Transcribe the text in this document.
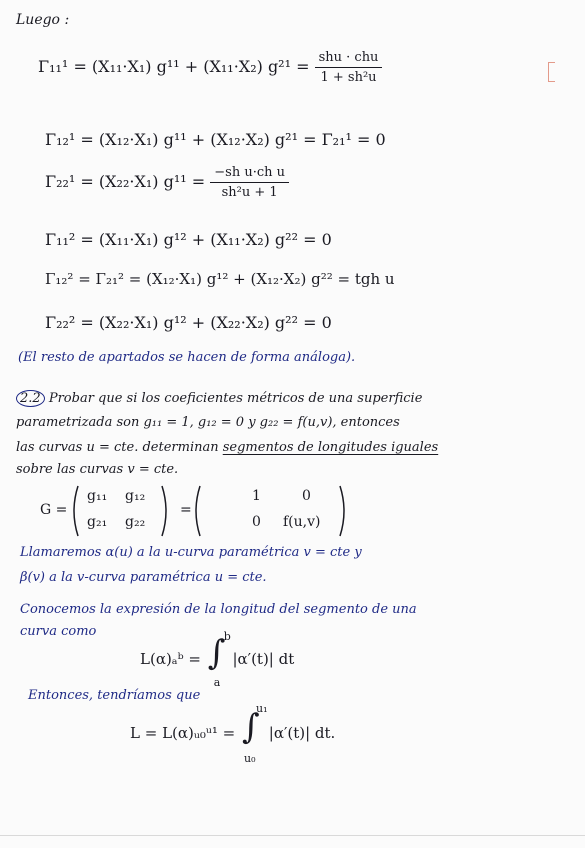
Luego :
Γ₁₁¹ = (X₁₁·X₁) g¹¹ + (X₁₁·X₂) $g^{21} = \frac{\text{shu · chu}}{\text{1 + sh²u}}$
Γ₁₂¹ = (X₁₂·X₁) g¹¹ + (X₁₂·X₂) g²¹ = Γ₂₁¹ = 0
Γ₂₂¹ = (X₂₂·X₁) $g^{11} = \frac{\text{−sh u·ch u}}{\text{sh²u + 1}}$
Γ₁₁² = (X₁₁·X₁) g¹² + (X₁₁·X₂) g²² = 0
Γ₁₂² = Γ₂₁² = (X₁₂·X₁) g¹² + (X₁₂·X₂) g²² = tgh u
Γ₂₂² = (X₂₂·X₁) g¹² + (X₂₂·X₂) g²² = 0
(El resto de apartados se hacen de forma análoga).
2.2 Probar que si los coeficientes métricos de una superficie
parametrizada son g₁₁ = 1, g₁₂ = 0 y g₂₂ = f(u,v), entonces
las curvas u = cte. determinan segmentos de longitudes iguales
sobre las curvas v = cte.
G =
g₁₁ g₁₂
g₂₁ g₂₂
=
1	0
0 f(u,v)
Llamaremos α(u) a la u-curva paramétrica v = cte y
β(v) a la v-curva paramétrica u = cte.
Conocemos la expresión de la longitud del segmento de una
curva como
L(α)ₐᵇ = ∫
b
a
|α′(t)| dt
Entonces, tendríamos que
L = L(α)ᵤ₀ᵘ¹ = ∫
u₁
u₀
|α′(t)| dt.
